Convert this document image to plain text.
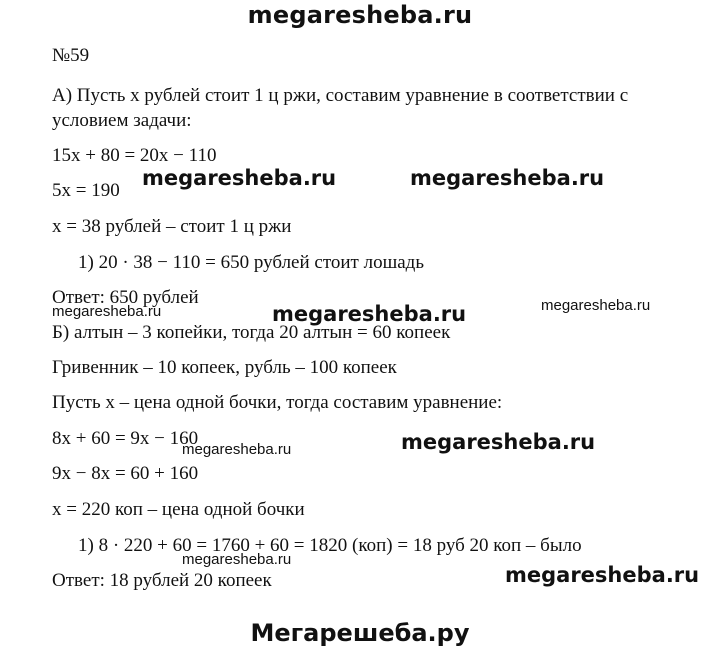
megaresheba.ru
№59
А) Пусть х рублей стоит 1 ц ржи, составим уравнение в соответствии с
условием задачи:
15x + 80 = 20x − 110
5x = 190
x = 38 рублей – стоит 1 ц ржи
1) 20 · 38 − 110 = 650 рублей стоит лошадь
Ответ: 650 рублей
Б) алтын – 3 копейки, тогда 20 алтын = 60 копеек
Гривенник – 10 копеек, рубль – 100 копеек
Пусть х – цена одной бочки, тогда составим уравнение:
8x + 60 = 9x − 160
9x − 8x = 60 + 160
x = 220 коп – цена одной бочки
1) 8 · 220 + 60 = 1760 + 60 = 1820 (коп) = 18 руб 20 коп – было
Ответ: 18 рублей 20 копеек
megaresheba.ru	megaresheba.ru
megaresheba.ru	megaresheba.ru
megaresheba.ru
megaresheba.ru
megaresheba.ru
megaresheba.ru
megaresheba.ru
Мегарешеба.ру
